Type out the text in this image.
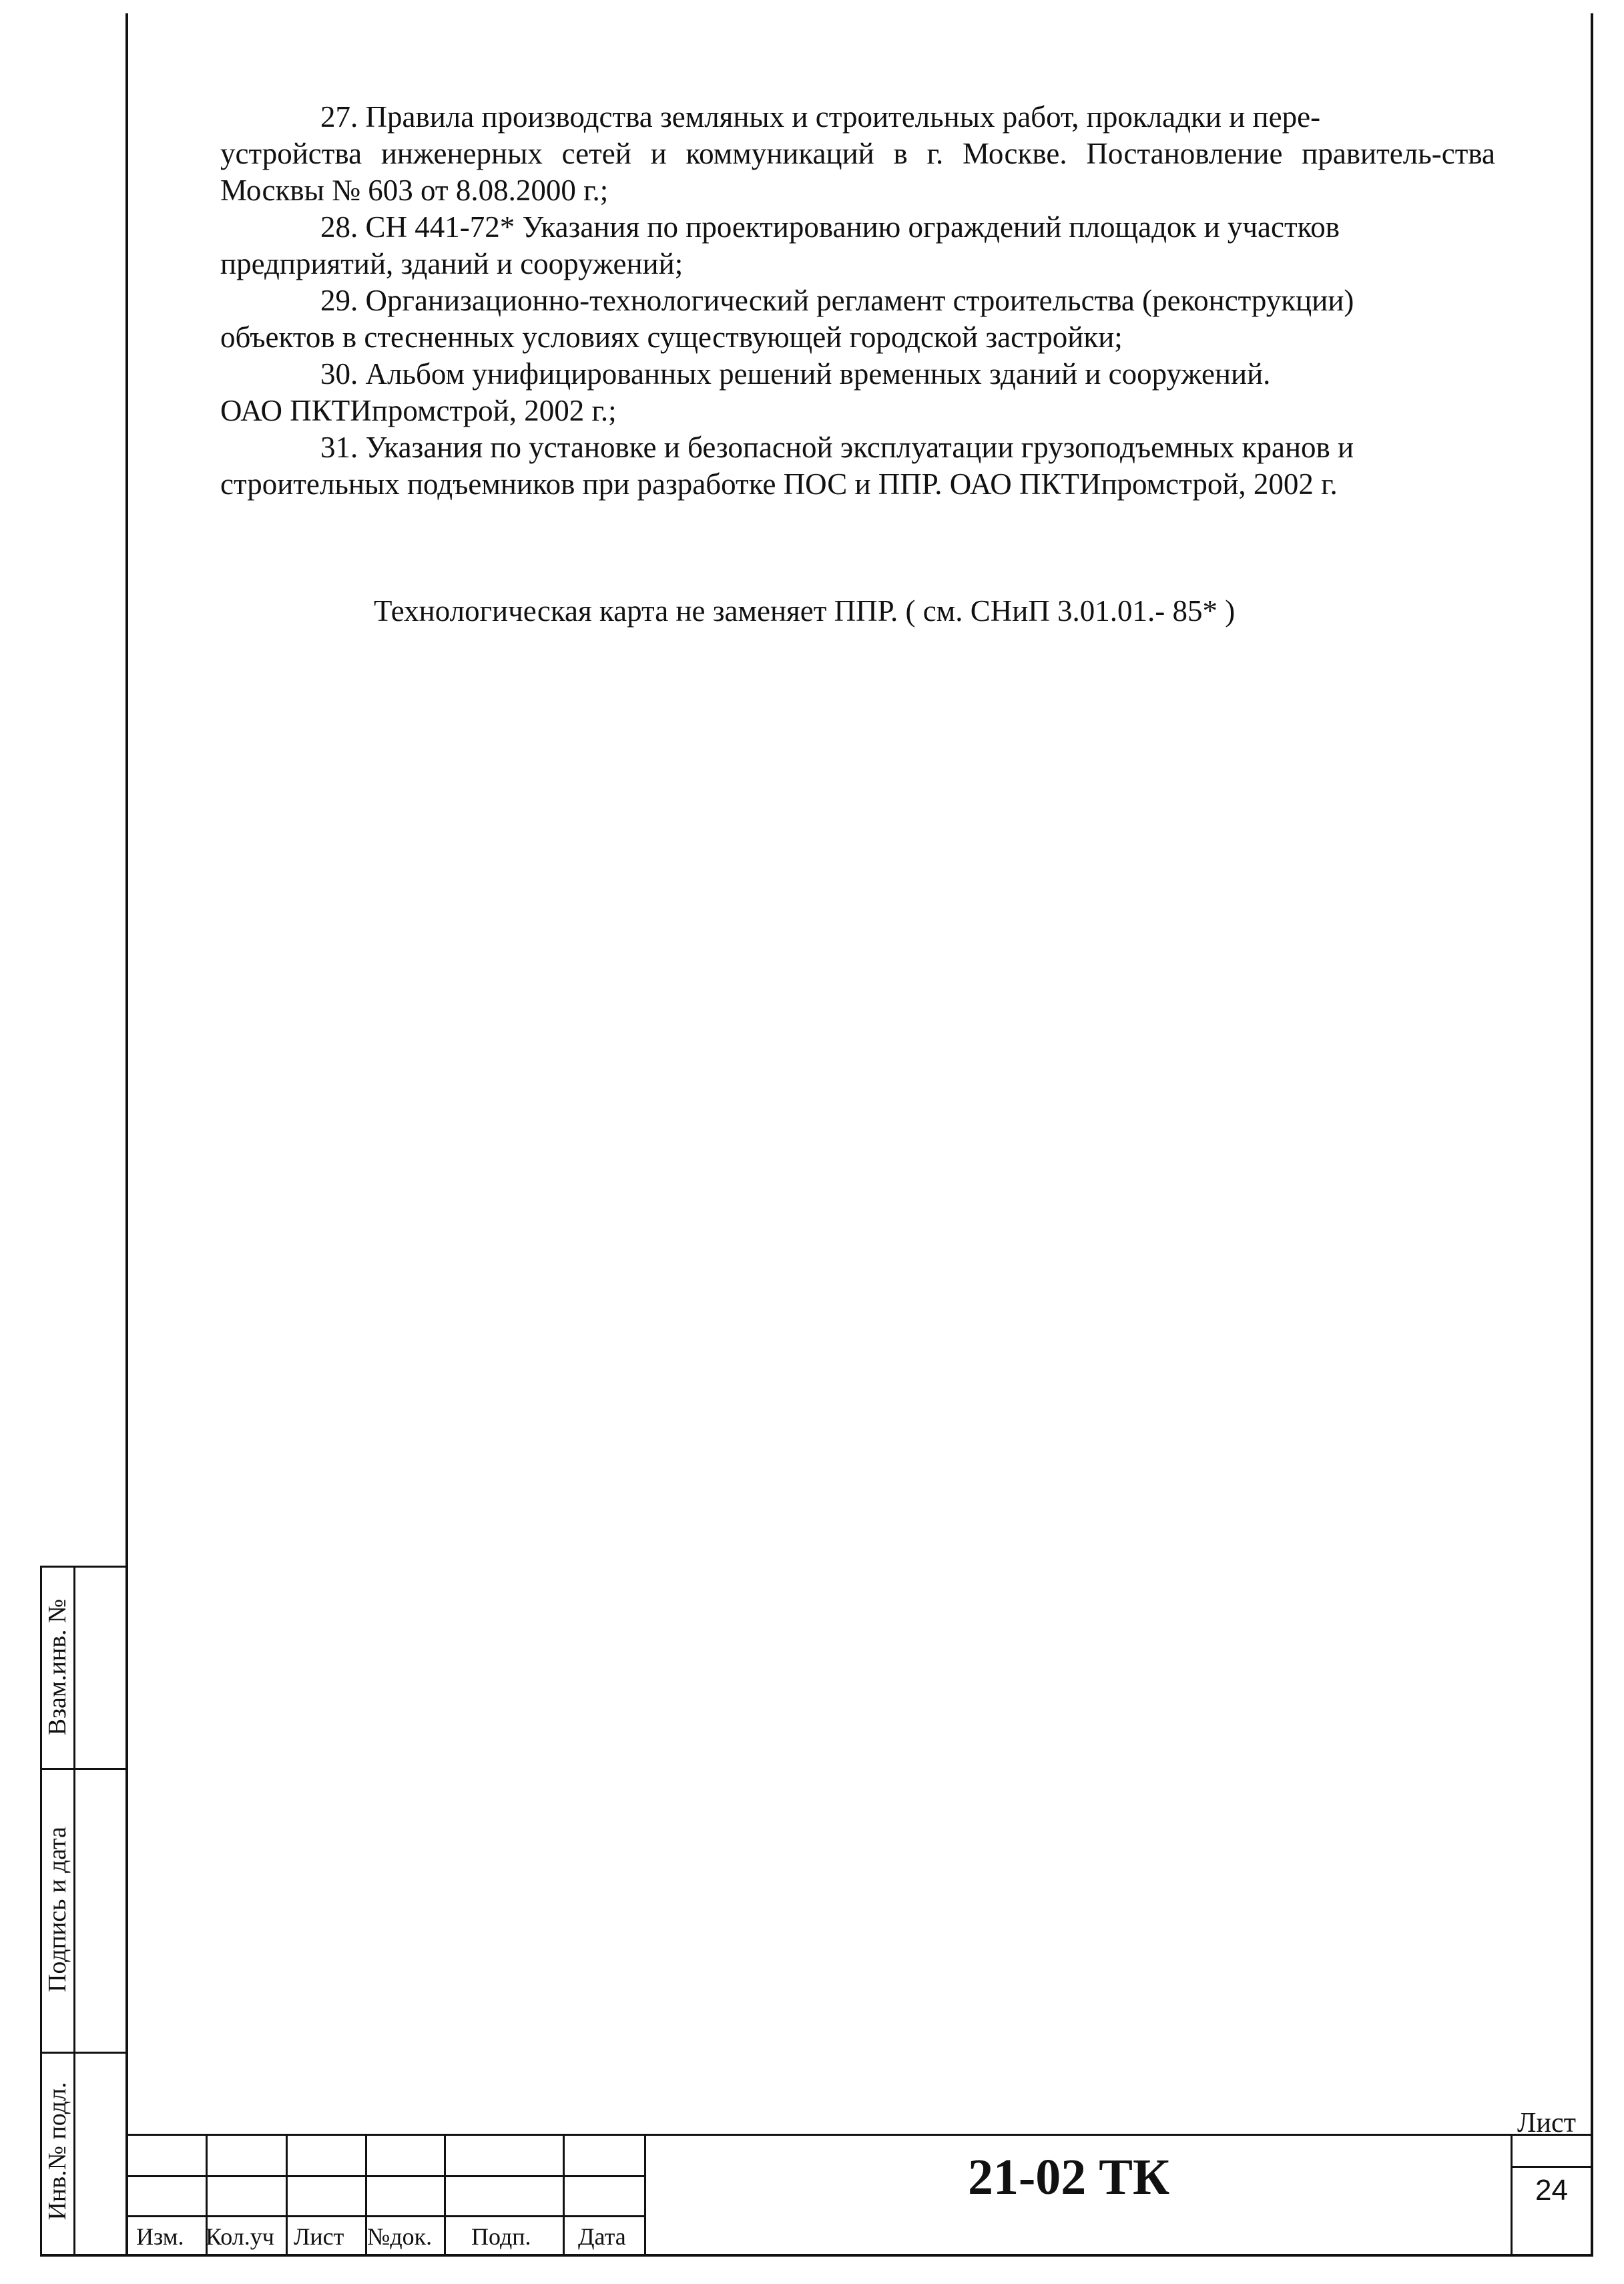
Взам.инв. №
Подпись и дата
Инв.№ подл.

27. Правила производства земляных и строительных работ, прокладки и пере-
устройства инженерных сетей и коммуникаций в г. Москве. Постановление правитель-ства Москвы № 603 от 8.08.2000 г.;

28. СН 441-72* Указания по проектированию ограждений площадок и участков
предприятий, зданий и сооружений;

29. Организационно-технологический регламент строительства (реконструкции)
объектов в стесненных условиях существующей городской застройки;

30. Альбом унифицированных решений временных зданий и сооружений.
ОАО ПКТИпромстрой, 2002 г.;

31. Указания по установке и безопасной эксплуатации грузоподъемных кранов и
строительных подъемников при разработке ПОС и ППР. ОАО ПКТИпромстрой, 2002 г.

Технологическая карта не заменяет ППР. ( см. СНиП 3.01.01.- 85* )
Изм. Кол.уч Лист №док. Подп. Дата
21-02 ТК
Лист
24
